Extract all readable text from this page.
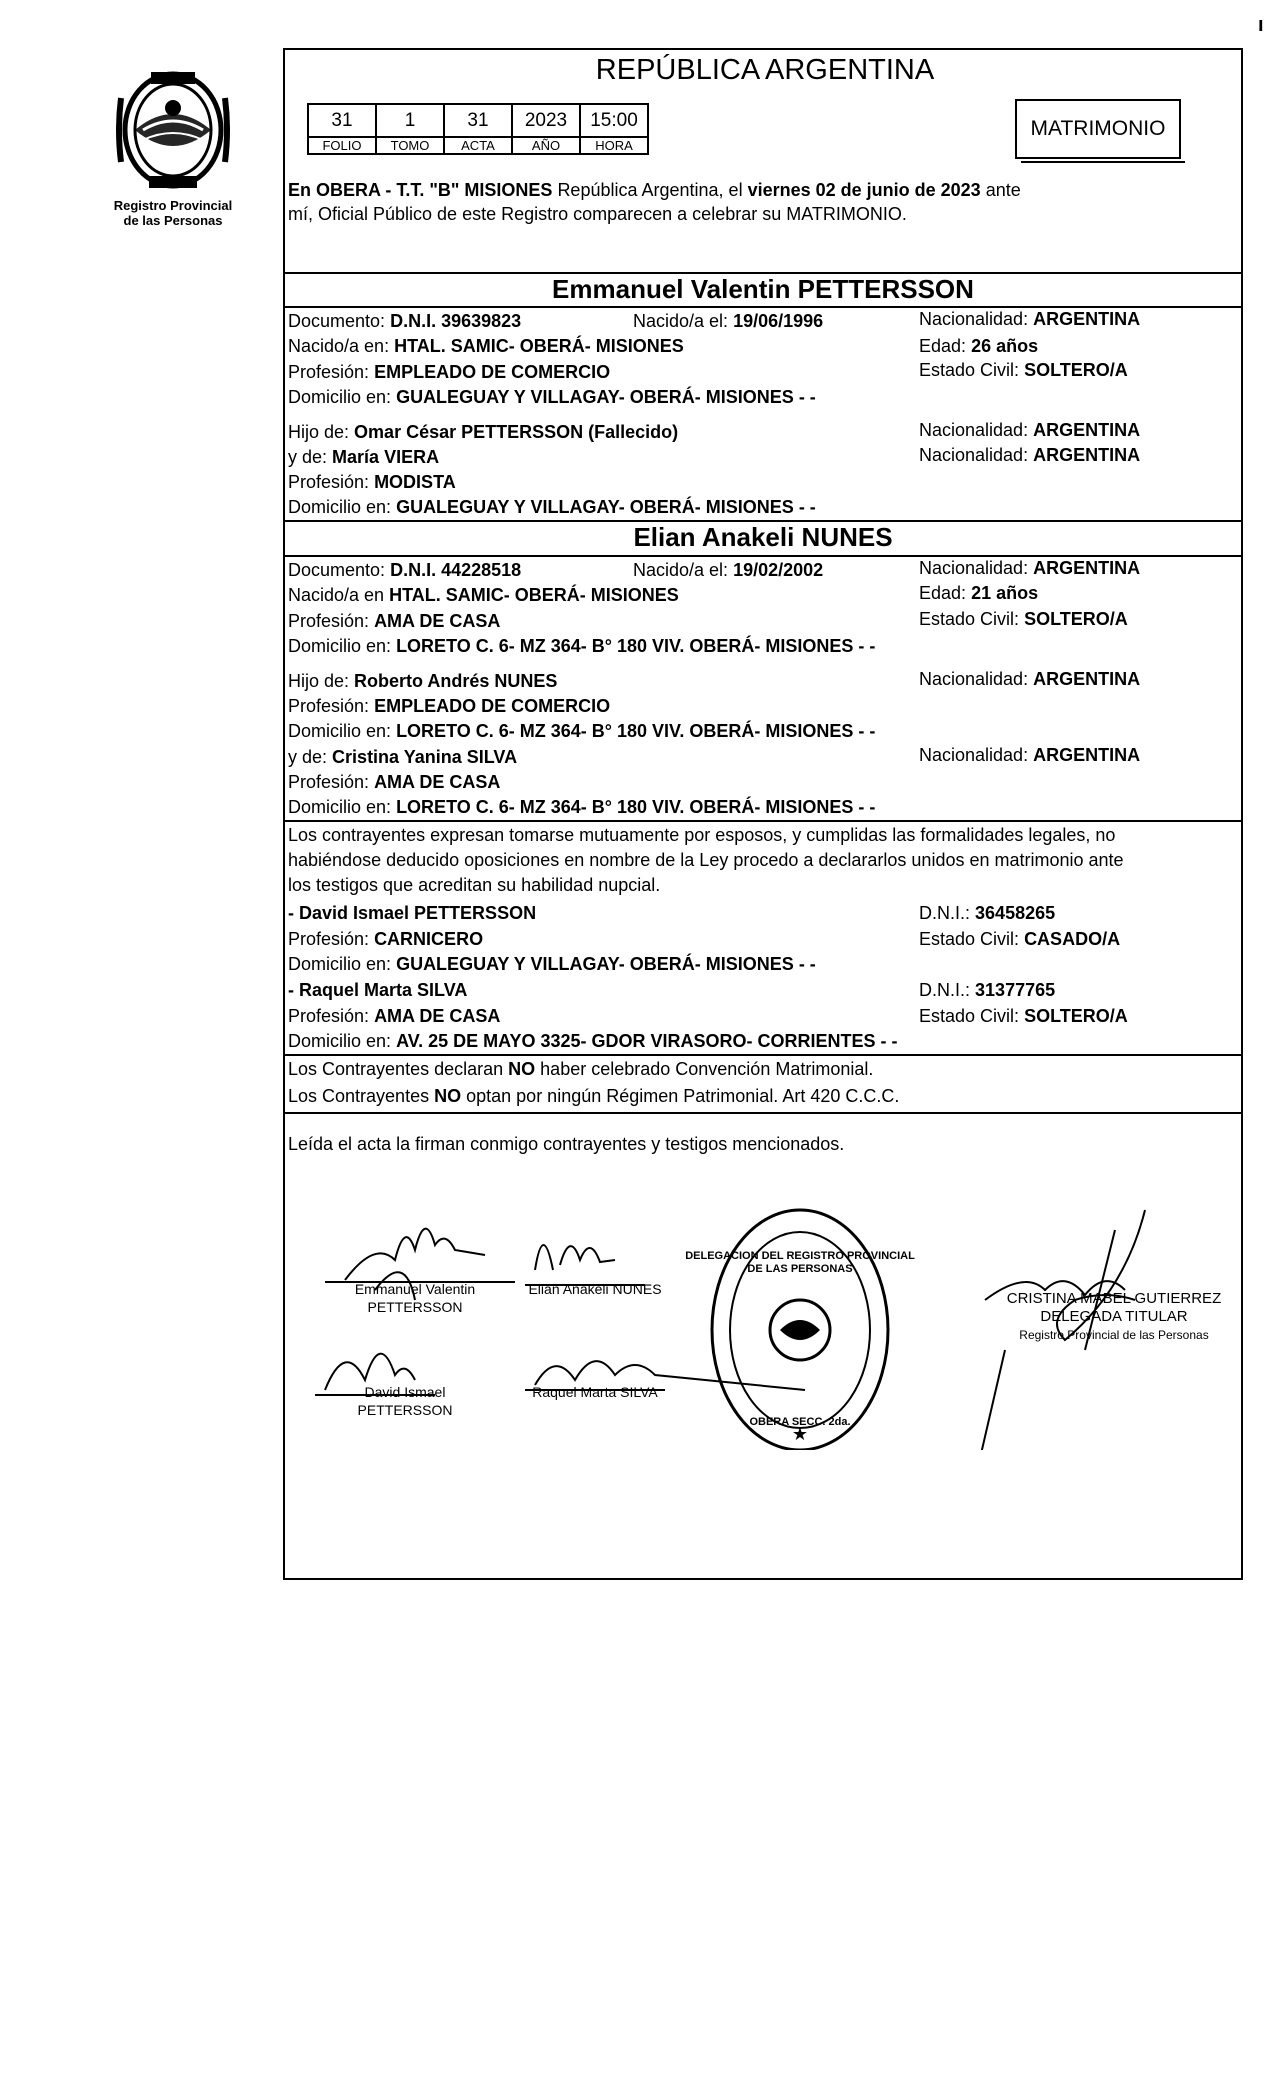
ı
Registro Provincial
de las Personas
REPÚBLICA ARGENTINA
31	1	31	2023	15:00
FOLIO	TOMO	ACTA	AÑO	HORA
MATRIMONIO
En OBERA - T.T. "B" MISIONES República Argentina, el viernes 02 de junio de 2023 ante
mí, Oficial Público de este Registro comparecen a celebrar su MATRIMONIO.
Emmanuel Valentin PETTERSSON
Documento: D.N.I. 39639823	Nacido/a el: 19/06/1996	Nacionalidad: ARGENTINA
Nacido/a en: HTAL. SAMIC- OBERÁ- MISIONES	Edad: 26 años
Profesión: EMPLEADO DE COMERCIO	Estado Civil: SOLTERO/A
Domicilio en: GUALEGUAY Y VILLAGAY- OBERÁ- MISIONES - -
Hijo de: Omar César PETTERSSON (Fallecido)	Nacionalidad: ARGENTINA
y de: María VIERA	Nacionalidad: ARGENTINA
Profesión: MODISTA
Domicilio en: GUALEGUAY Y VILLAGAY- OBERÁ- MISIONES - -
Elian Anakeli NUNES
Documento: D.N.I. 44228518	Nacido/a el: 19/02/2002	Nacionalidad: ARGENTINA
Nacido/a en HTAL. SAMIC- OBERÁ- MISIONES	Edad: 21 años
Profesión: AMA DE CASA	Estado Civil: SOLTERO/A
Domicilio en: LORETO C. 6- MZ 364- B° 180 VIV. OBERÁ- MISIONES - -
Hijo de: Roberto Andrés NUNES	Nacionalidad: ARGENTINA
Profesión: EMPLEADO DE COMERCIO
Domicilio en: LORETO C. 6- MZ 364- B° 180 VIV. OBERÁ- MISIONES - -
y de: Cristina Yanina SILVA	Nacionalidad: ARGENTINA
Profesión: AMA DE CASA
Domicilio en: LORETO C. 6- MZ 364- B° 180 VIV. OBERÁ- MISIONES - -
Los contrayentes expresan tomarse mutuamente por esposos, y cumplidas las formalidades legales, no
habiéndose deducido oposiciones en nombre de la Ley procedo a declararlos unidos en matrimonio ante
los testigos que acreditan su habilidad nupcial.
- David Ismael PETTERSSON	D.N.I.: 36458265
Profesión: CARNICERO	Estado Civil: CASADO/A
Domicilio en: GUALEGUAY Y VILLAGAY- OBERÁ- MISIONES - -
- Raquel Marta SILVA	D.N.I.: 31377765
Profesión: AMA DE CASA	Estado Civil: SOLTERO/A
Domicilio en: AV. 25 DE MAYO 3325- GDOR VIRASORO- CORRIENTES - -
Los Contrayentes declaran NO haber celebrado Convención Matrimonial.
Los Contrayentes NO optan por ningún Régimen Patrimonial. Art 420 C.C.C.
Leída el acta la firman conmigo contrayentes y testigos mencionados.
★
Emmanuel Valentin
PETTERSSON
Elian Anakeli NUNES
David Ismael
PETTERSSON
Raquel Marta SILVA
DELEGACION DEL REGISTRO PROVINCIAL DE LAS PERSONAS
OBERA SECC. 2da.
CRISTINA MABEL GUTIERREZ
DELEGADA TITULAR
Registro Provincial de las Personas
